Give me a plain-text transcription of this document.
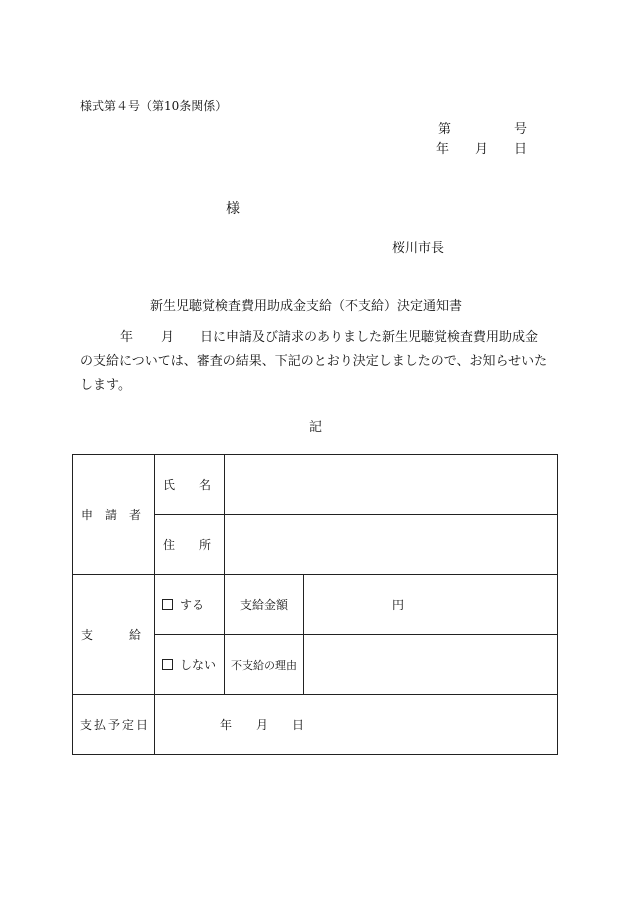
様式第４号（第10条関係）
第	号
年 月 日
様
桜川市長
新生児聴覚検査費用助成金支給（不支給）決定通知書
年 月 日に申請及び請求のありました新生児聴覚検査費用助成金の支給については、審査の結果、下記のとおり決定しましたので、お知らせいたします。
記
申　請　者	氏　　名		

住　　所		

支　　　給	する	支給金額	円

	しない	不支給の理由	

支払予定日	年 月 日		
